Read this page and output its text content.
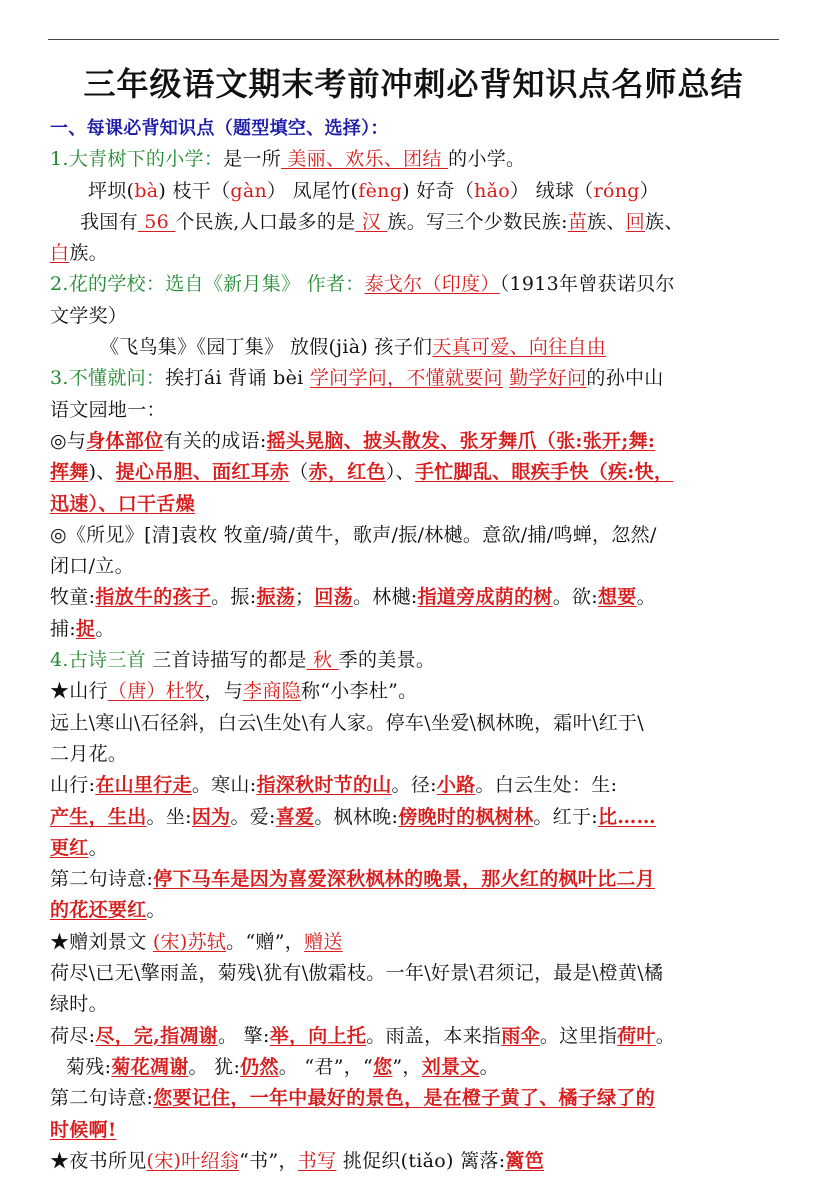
三年级语文期末考前冲刺必背知识点名师总结
一、每课必背知识点（题型填空、选择）：
1.大青树下的小学：是一所 美丽、欢乐、团结 的小学。
坪坝(bà) 枝干（gàn） 凤尾竹(fèng) 好奇（hǎo） 绒球（róng）
我国有 56 个民族,人口最多的是 汉 族。写三个少数民族:苗族、回族、
白族。
2.花的学校：选自《新月集》 作者：泰戈尔（印度）（1913年曾获诺贝尔
文学奖）
《飞鸟集》《园丁集》 放假(jià) 孩子们天真可爱、向往自由
3.不懂就问：挨打ái 背诵 bèi 学问学问，不懂就要问 勤学好问的孙中山
语文园地一：
◎与身体部位有关的成语:摇头晃脑、披头散发、张牙舞爪（张:张开;舞:
挥舞)、提心吊胆、面红耳赤（赤，红色）、手忙脚乱、眼疾手快（疾:快，
迅速）、口干舌燥
◎《所见》[清]袁枚 牧童/骑/黄牛，歌声/振/林樾。意欲/捕/鸣蝉，忽然/
闭口/立。
牧童:指放牛的孩子。振:振荡；回荡。林樾:指道旁成荫的树。欲:想要。
捕:捉。
4.古诗三首 三首诗描写的都是 秋 季的美景。
★山行（唐）杜牧，与李商隐称“小李杜”。
远上\寒山\石径斜，白云\生处\有人家。停车\坐爱\枫林晚，霜叶\红于\
二月花。
山行:在山里行走。寒山:指深秋时节的山。径:小路。白云生处：生:
产生，生出。坐:因为。爱:喜爱。枫林晚:傍晚时的枫树林。红于:比……
更红。
第二句诗意:停下马车是因为喜爱深秋枫林的晚景，那火红的枫叶比二月
的花还要红。
★赠刘景文 (宋)苏轼。“赠”，赠送
荷尽\已无\擎雨盖，菊残\犹有\傲霜枝。一年\好景\君须记，最是\橙黄\橘
绿时。
荷尽:尽，完,指凋谢。 擎:举，向上托。雨盖，本来指雨伞。这里指荷叶。
菊残:菊花凋谢。 犹:仍然。 “君”，“您”，刘景文。
第二句诗意:您要记住，一年中最好的景色，是在橙子黄了、橘子绿了的
时候啊!
★夜书所见(宋)叶绍翁“书”，书写 挑促织(tiǎo) 篱落:篱笆
